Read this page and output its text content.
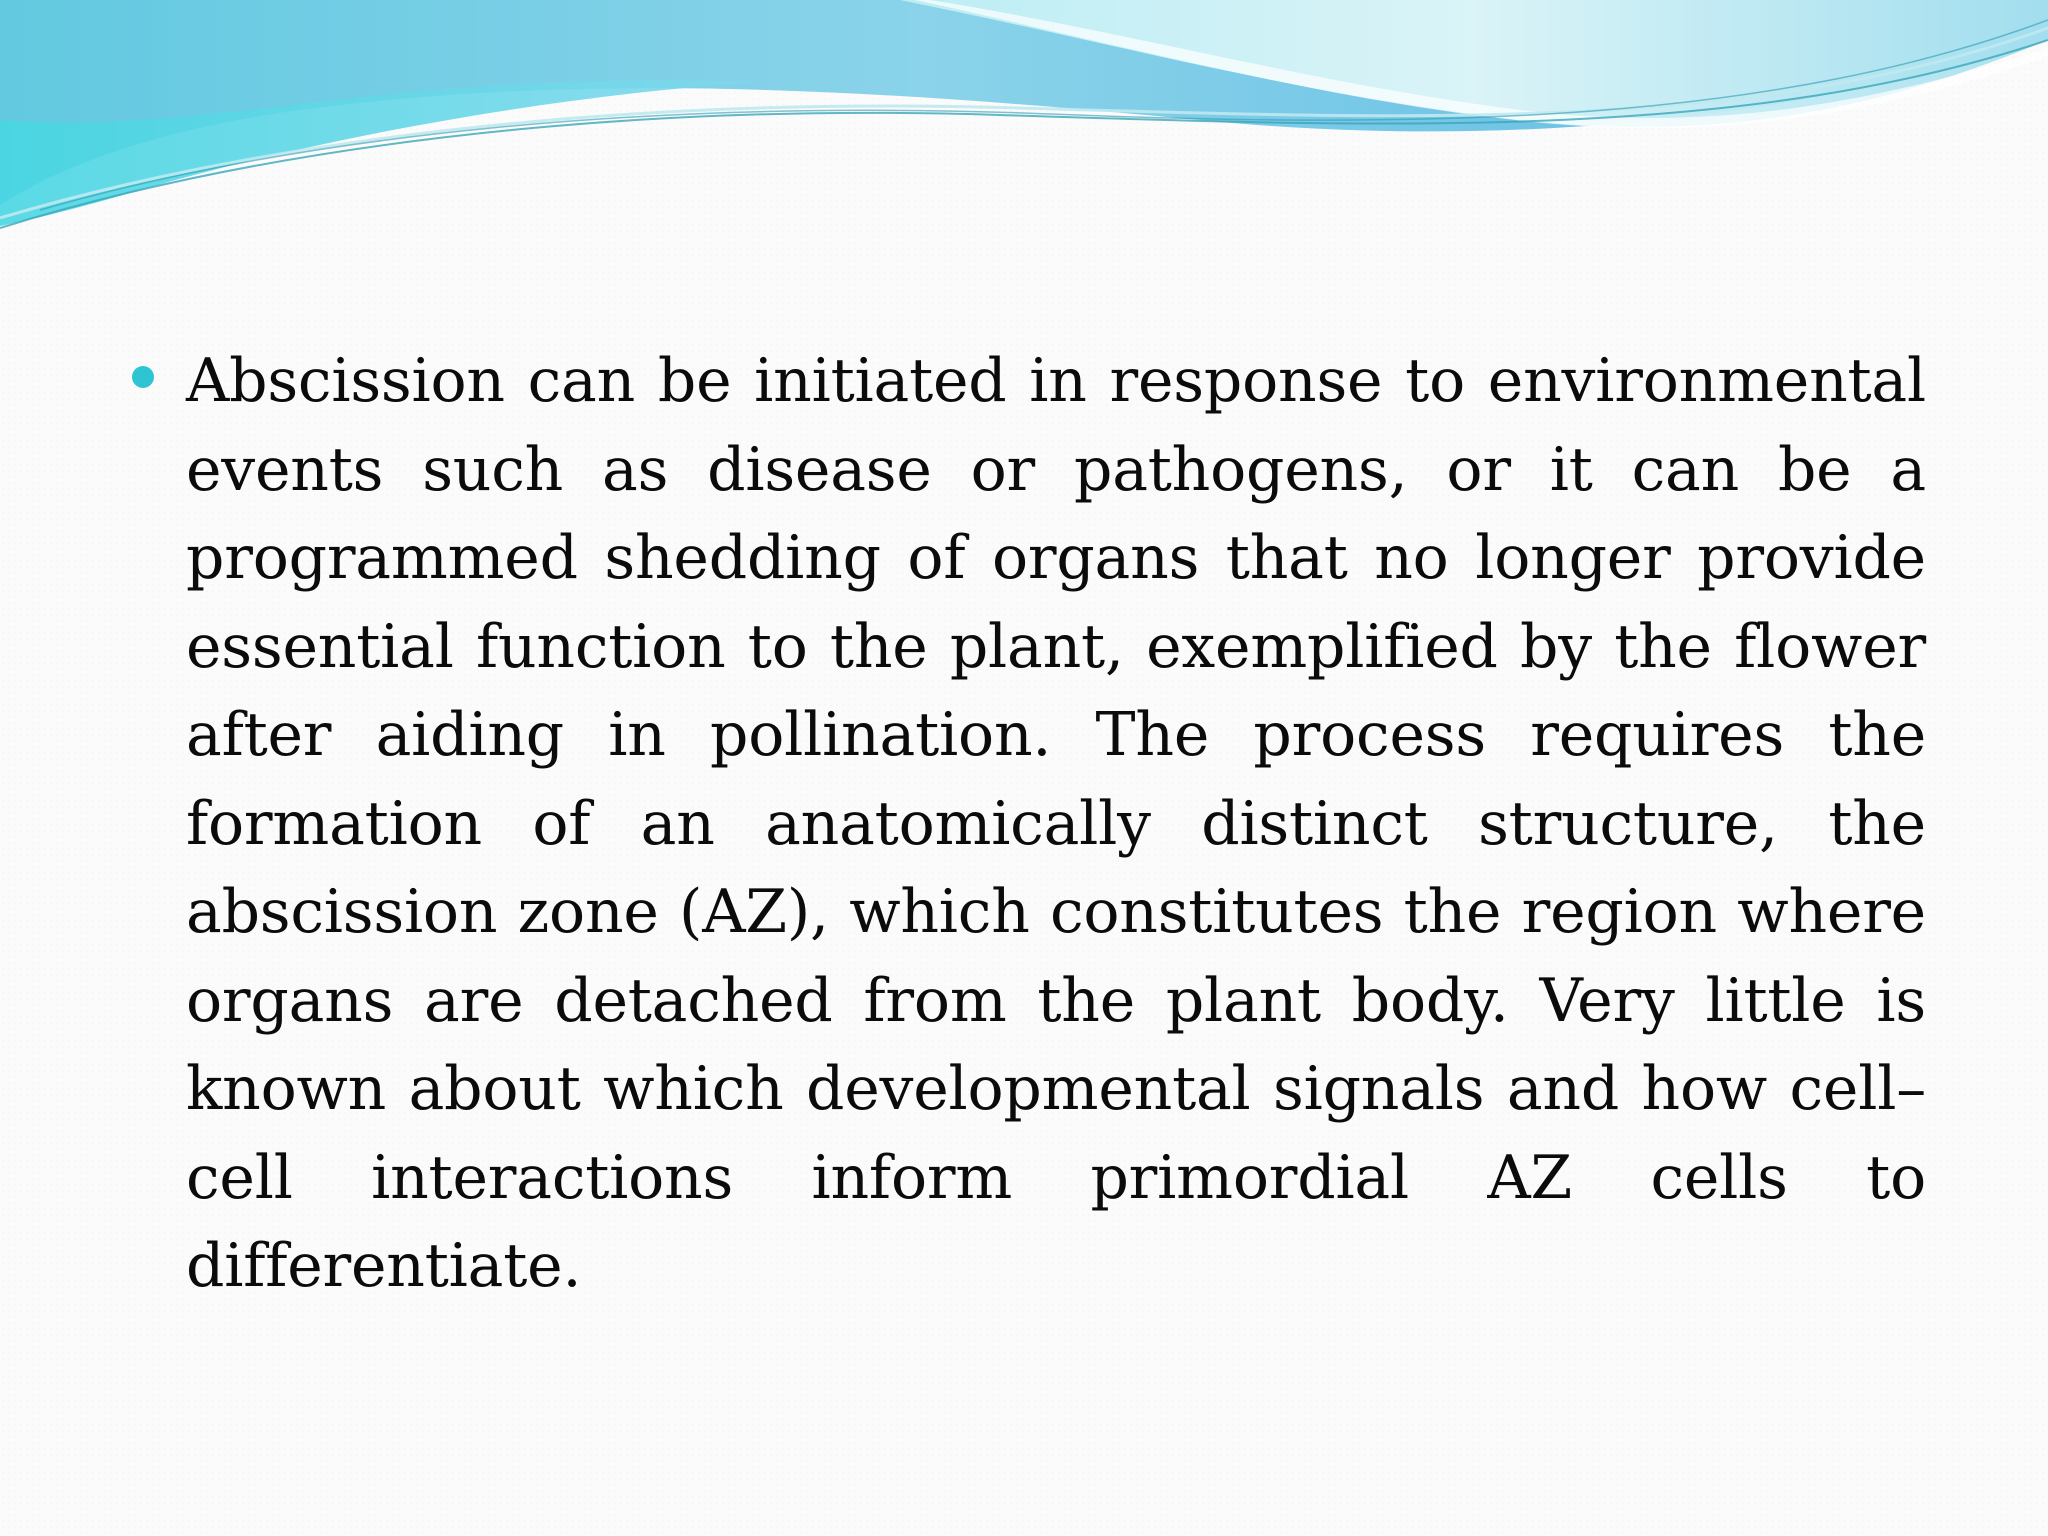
Abscission can be initiated in response to environmental events such as disease or pathogens, or it can be a programmed shedding of organs that no longer provide essential function to the plant, exemplified by the flower after aiding in pollination. The process requires the formation of an anatomically distinct structure, the abscission zone (AZ), which constitutes the region where organs are detached from the plant body. Very little is known about which developmental signals and how cell–cell interactions inform primordial AZ cells to differentiate.
